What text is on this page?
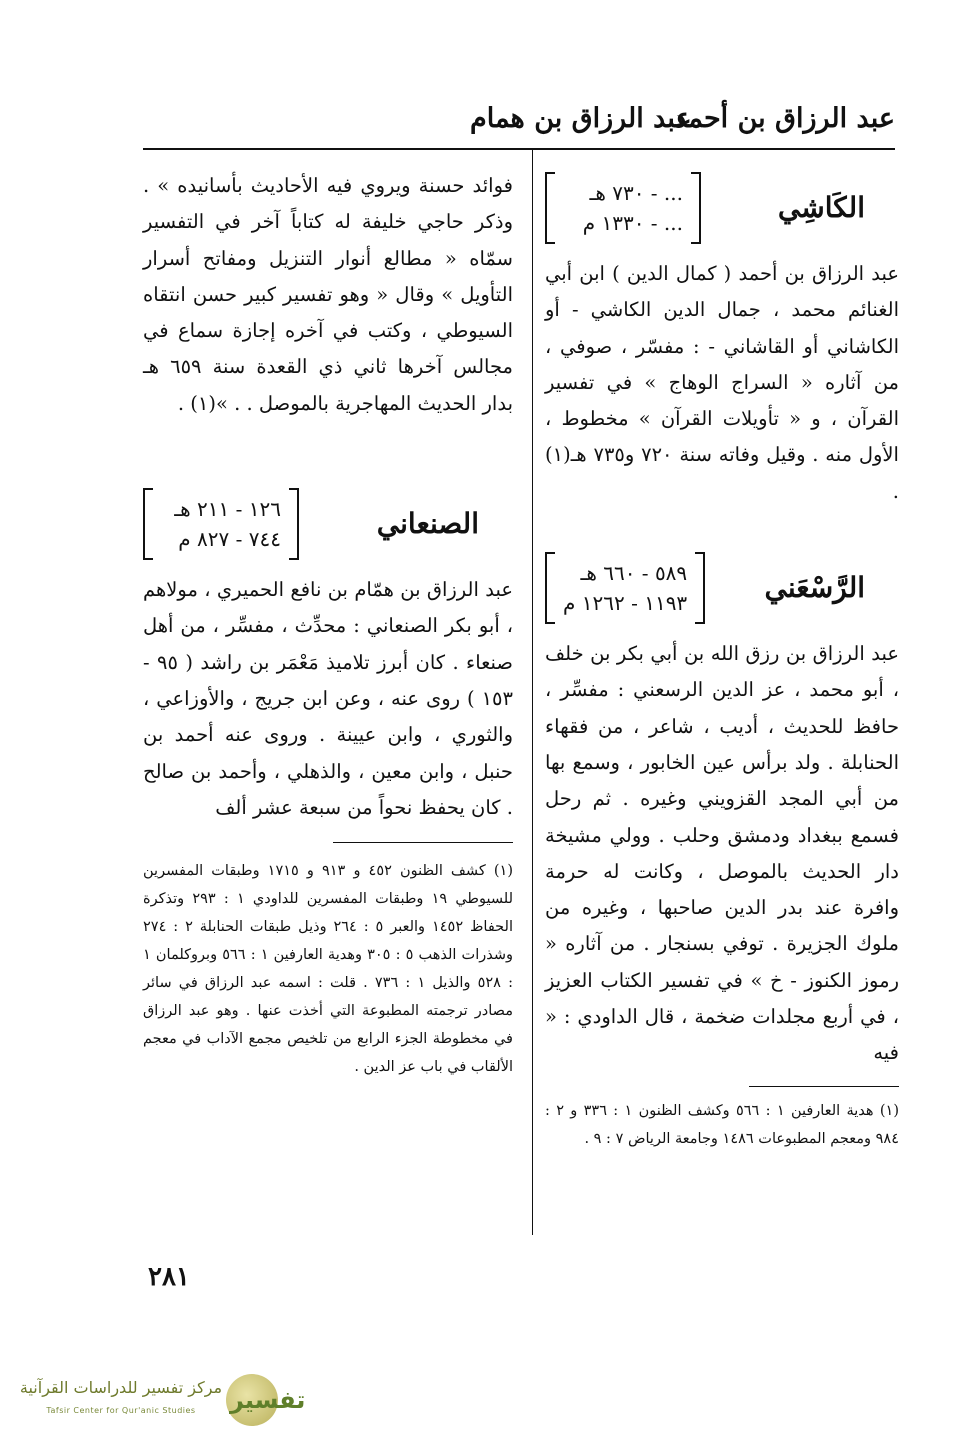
عبد الرزاق بن أحمد
عبد الرزاق بن همام
الكَاشِي
... - ٧٣٠ هـ
... - ١٣٣٠ م

عبد الرزاق بن أحمد ( كمال الدين ) ابن أبي الغنائم محمد ، جمال الدين الكاشي - أو الكاشاني أو القاشاني - : مفسّر ، صوفي ، من آثاره « السراج الوهاج » في تفسير القرآن ، و « تأويلات القرآن » مخطوط ، الأول منه . وقيل وفاته سنة ٧٢٠ و٧٣٥ هـ(١) .

الرَّسْعَني
٥٨٩ - ٦٦٠ هـ
١١٩٣ - ١٢٦٢ م

عبد الرزاق بن رزق الله بن أبي بكر بن خلف ، أبو محمد ، عز الدين الرسعني : مفسِّر ، حافظ للحديث ، أديب ، شاعر ، من فقهاء الحنابلة . ولد برأس عين الخابور ، وسمع بها من أبي المجد القزويني وغيره . ثم رحل فسمع ببغداد ودمشق وحلب . وولي مشيخة دار الحديث بالموصل ، وكانت له حرمة وافرة عند بدر الدين صاحبها ، وغيره من ملوك الجزيرة . توفي بسنجار . من آثاره « رموز الكنوز - خ » في تفسير الكتاب العزيز ، في أربع مجلدات ضخمة ، قال الداودي : « فيه

(١) هدية العارفين ١ : ٥٦٦ وكشف الظنون ١ : ٣٣٦ و ٢ : ٩٨٤ ومعجم المطبوعات ١٤٨٦ وجامعة الرياض ٧ : ٩ .

فوائد حسنة ويروي فيه الأحاديث بأسانيده » . وذكر حاجي خليفة له كتاباً آخر في التفسير سمّاه « مطالع أنوار التنزيل ومفاتح أسرار التأويل » وقال « وهو تفسير كبير حسن انتقاه السيوطي ، وكتب في آخره إجازة سماع في مجالس آخرها ثاني ذي القعدة سنة ٦٥٩ هـ بدار الحديث المهاجرية بالموصل . . »(١) .

الصنعاني
١٢٦ - ٢١١ هـ
٧٤٤ - ٨٢٧ م

عبد الرزاق بن همّام بن نافع الحميري ، مولاهم ، أبو بكر الصنعاني : محدِّث ، مفسِّر ، من أهل صنعاء . كان أبرز تلاميذ مَعْمَر بن راشد ( ٩٥ - ١٥٣ ) روى عنه ، وعن ابن جريج ، والأوزاعي ، والثوري ، وابن عيينة . وروى عنه أحمد بن حنبل ، وابن معين ، والذهلي ، وأحمد بن صالح . كان يحفظ نحواً من سبعة عشر ألف

(١) كشف الظنون ٤٥٢ و ٩١٣ و ١٧١٥ وطبقات المفسرين للسيوطي ١٩ وطبقات المفسرين للداودي ١ : ٢٩٣ وتذكرة الحفاظ ١٤٥٢ والعبر ٥ : ٢٦٤ وذيل طبقات الحنابلة ٢ : ٢٧٤ وشذرات الذهب ٥ : ٣٠٥ وهدية العارفين ١ : ٥٦٦ وبروكلمان ١ : ٥٢٨ والذيل ١ : ٧٣٦ . قلت : اسمه عبد الرزاق في سائر مصادر ترجمته المطبوعة التي أخذت عنها . وهو عبد الرزاق في مخطوطة الجزء الرابع من تلخيص مجمع الآداب في معجم الألقاب في باب عز الدين .

٢٨١
تفسير
مركز تفسير للدراسات القرآنية
Tafsir Center for Qur'anic Studies
